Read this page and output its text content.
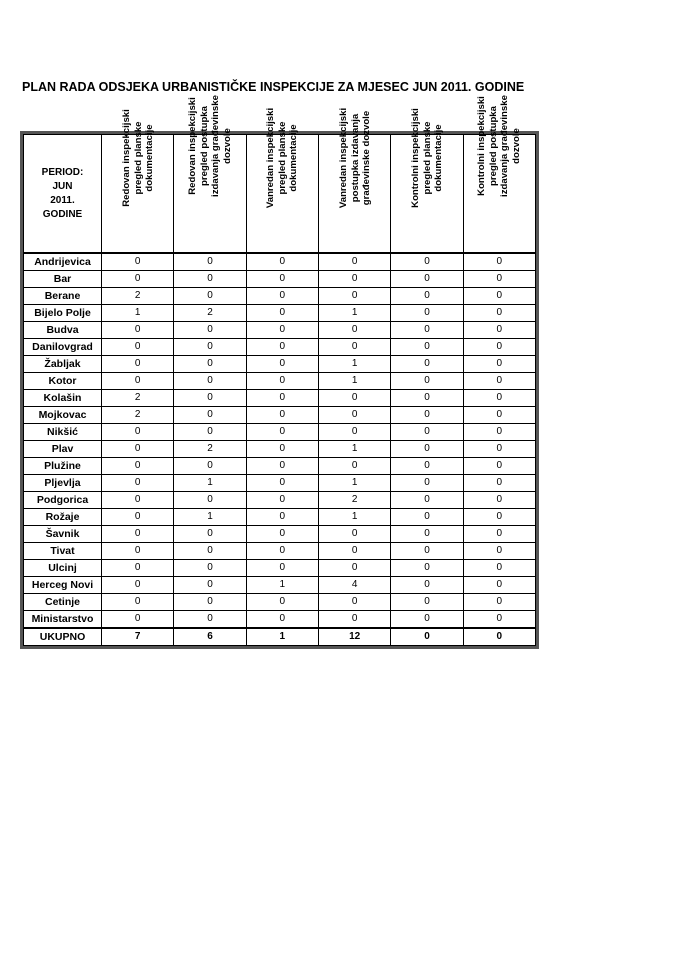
PLAN RADA ODSJEKA URBANISTIČKE INSPEKCIJE ZA MJESEC JUN 2011. GODINE
PERIOD:
JUN
2011.
GODINE	Redovan inspekcijski pregled planske dokumentacije	Redovan inspekcijski pregled postupka izdavanja građevinske dozvole	Vanredan inspekcijski pregled planske dokumentacije	Vanredan inspekcijski postupka izdavanja građevinske dozvole	Kontrolni inspekcijski pregled planske dokumentacije	Kontrolni inspekcijski pregled postupka izdavanja građevinske dozvole

Andrijevica	0	0	0	0	0	0
Bar	0	0	0	0	0	0
Berane	2	0	0	0	0	0
Bijelo Polje	1	2	0	1	0	0
Budva	0	0	0	0	0	0
Danilovgrad	0	0	0	0	0	0
Žabljak	0	0	0	1	0	0
Kotor	0	0	0	1	0	0
Kolašin	2	0	0	0	0	0
Mojkovac	2	0	0	0	0	0
Nikšić	0	0	0	0	0	0
Plav	0	2	0	1	0	0
Plužine	0	0	0	0	0	0
Pljevlja	0	1	0	1	0	0
Podgorica	0	0	0	2	0	0
Rožaje	0	1	0	1	0	0
Šavnik	0	0	0	0	0	0
Tivat	0	0	0	0	0	0
Ulcinj	0	0	0	0	0	0
Herceg Novi	0	0	1	4	0	0
Cetinje	0	0	0	0	0	0
Ministarstvo	0	0	0	0	0	0
UKUPNO	7	6	1	12	0	0
